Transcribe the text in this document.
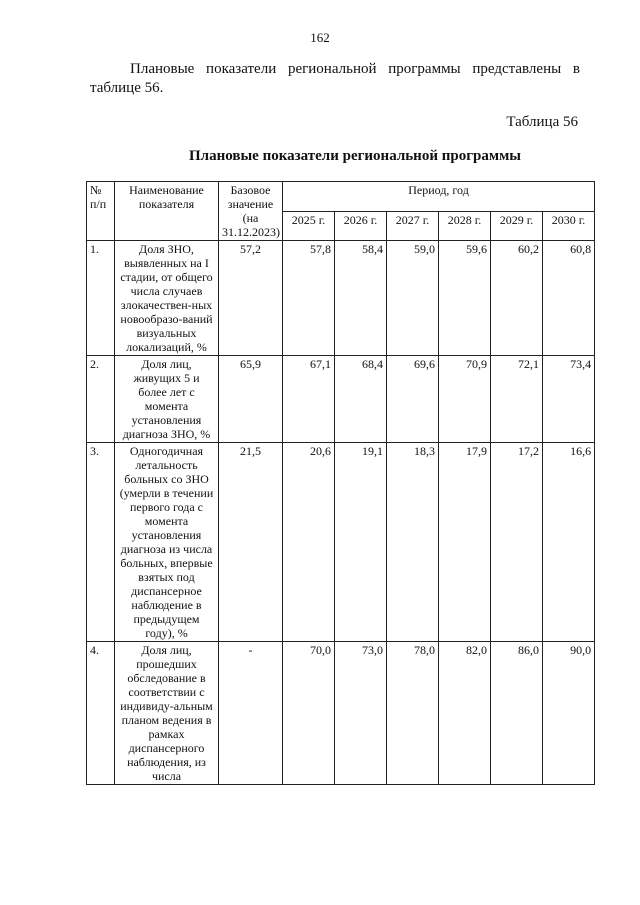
162
Плановые показатели региональной программы представлены в таблице 56.
Таблица 56
Плановые показатели региональной программы
№ п/п	Наименование показателя	Базовое значение (на 31.12.2023)	Период, год					
			2025 г.	2026 г.	2027 г.	2028 г.	2029 г.	2030 г.
1.	Доля ЗНО, выявленных на I стадии, от общего числа случаев злокачествен-ных новообразо-ваний визуальных локализаций, %	57,2	57,8	58,4	59,0	59,6	60,2	60,8
2.	Доля лиц, живущих 5 и более лет с момента установления диагноза ЗНО, %	65,9	67,1	68,4	69,6	70,9	72,1	73,4
3.	Одногодичная летальность больных со ЗНО (умерли в течении первого года с момента установления диагноза из числа больных, впервые взятых под диспансерное наблюдение в предыдущем году), %	21,5	20,6	19,1	18,3	17,9	17,2	16,6
4.	Доля лиц, прошедших обследование в соответствии с индивиду-альным планом ведения в рамках диспансерного наблюдения, из числа	-	70,0	73,0	78,0	82,0	86,0	90,0
